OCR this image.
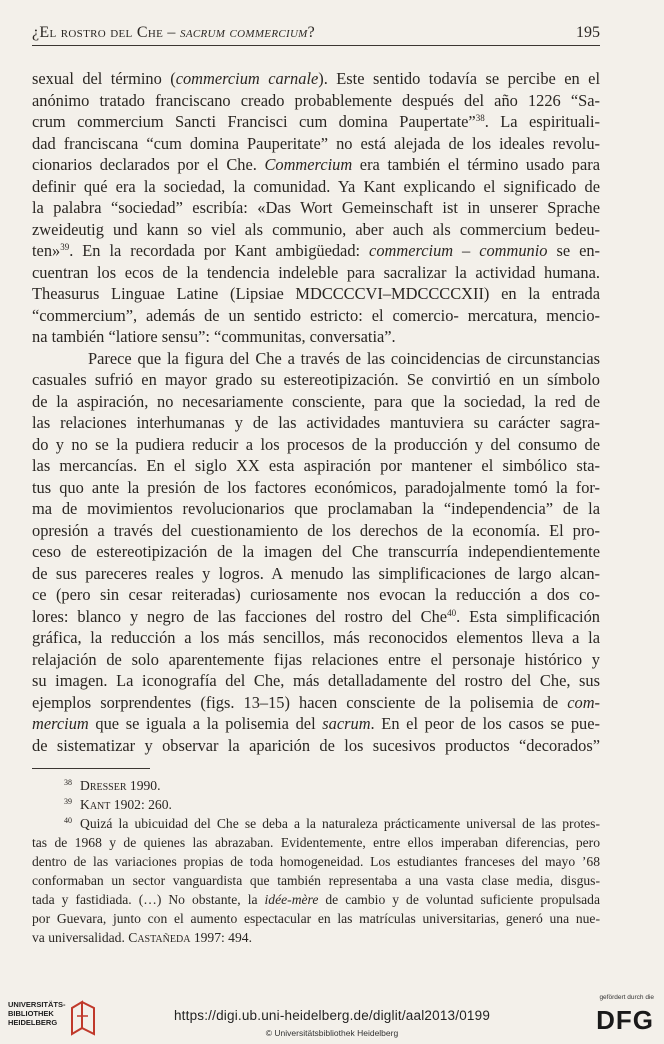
¿El rostro del Che – sacrum commercium?	195
sexual del término (commercium carnale). Este sentido todavía se percibe en el
anónimo tratado franciscano creado probablemente después del año 1226 “Sa-
crum commercium Sancti Francisci cum domina Paupertate”$^{38}$. La espirituali-
dad franciscana “cum domina Pauperitate” no está alejada de los ideales revolu-
cionarios declarados por el Che. Commercium era también el término usado para
definir qué era la sociedad, la comunidad. Ya Kant explicando el significado de
la palabra “sociedad” escribía: «Das Wort Gemeinschaft ist in unserer Sprache
zweideutig und kann so viel als communio, aber auch als commercium bedeu-
ten»$^{39}$. En la recordada por Kant ambigüedad: commercium – communio se en-
cuentran los ecos de la tendencia indeleble para sacralizar la actividad humana.
Theasurus Linguae Latine (Lipsiae MDCCCCVI–MDCCCCXII) en la entrada
“commercium”, además de un sentido estricto: el comercio- mercatura, mencio-
na también “latiore sensu”: “communitas, conversatia”.
Parece que la figura del Che a través de las coincidencias de circunstancias
casuales sufrió en mayor grado su estereotipización. Se convirtió en un símbolo
de la aspiración, no necesariamente consciente, para que la sociedad, la red de
las relaciones interhumanas y de las actividades mantuviera su carácter sagra-
do y no se la pudiera reducir a los procesos de la producción y del consumo de
las mercancías. En el siglo XX esta aspiración por mantener el simbólico sta-
tus quo ante la presión de los factores económicos, paradojalmente tomó la for-
ma de movimientos revolucionarios que proclamaban la “independencia” de la
opresión a través del cuestionamiento de los derechos de la economía. El pro-
ceso de estereotipización de la imagen del Che transcurría independientemente
de sus pareceres reales y logros. A menudo las simplificaciones de largo alcan-
ce (pero sin cesar reiteradas) curiosamente nos evocan la reducción a dos co-
lores: blanco y negro de las facciones del rostro del Che$^{40}$. Esta simplificación
gráfica, la reducción a los más sencillos, más reconocidos elementos lleva a la
relajación de solo aparentemente fijas relaciones entre el personaje histórico y
su imagen. La iconografía del Che, más detalladamente del rostro del Che, sus
ejemplos sorprendentes (figs. 13–15) hacen consciente de la polisemia de com-
mercium que se iguala a la polisemia del sacrum. En el peor de los casos se pue-
de sistematizar y observar la aparición de los sucesivos productos “decorados”
$^{38}$ Dresser 1990.
$^{39}$ Kant 1902: 260.
$^{40}$ Quizá la ubicuidad del Che se deba a la naturaleza prácticamente universal de las protes-
tas de 1968 y de quienes las abrazaban. Evidentemente, entre ellos imperaban diferencias, pero
dentro de las variaciones propias de toda homogeneidad. Los estudiantes franceses del mayo ’68
conformaban un sector vanguardista que también representaba a una vasta clase media, disgus-
tada y fastidiada. (…) No obstante, la idée-mère de cambio y de voluntad suficiente propulsada
por Guevara, junto con el aumento espectacular en las matrículas universitarias, generó una nue-
va universalidad. Castañeda 1997: 494.
UNIVERSITÄTS-
BIBLIOTHEK
HEIDELBERG	https://digi.ub.uni-heidelberg.de/diglit/aal2013/0199
© Universitätsbibliothek Heidelberg
gefördert durch die
DFG
